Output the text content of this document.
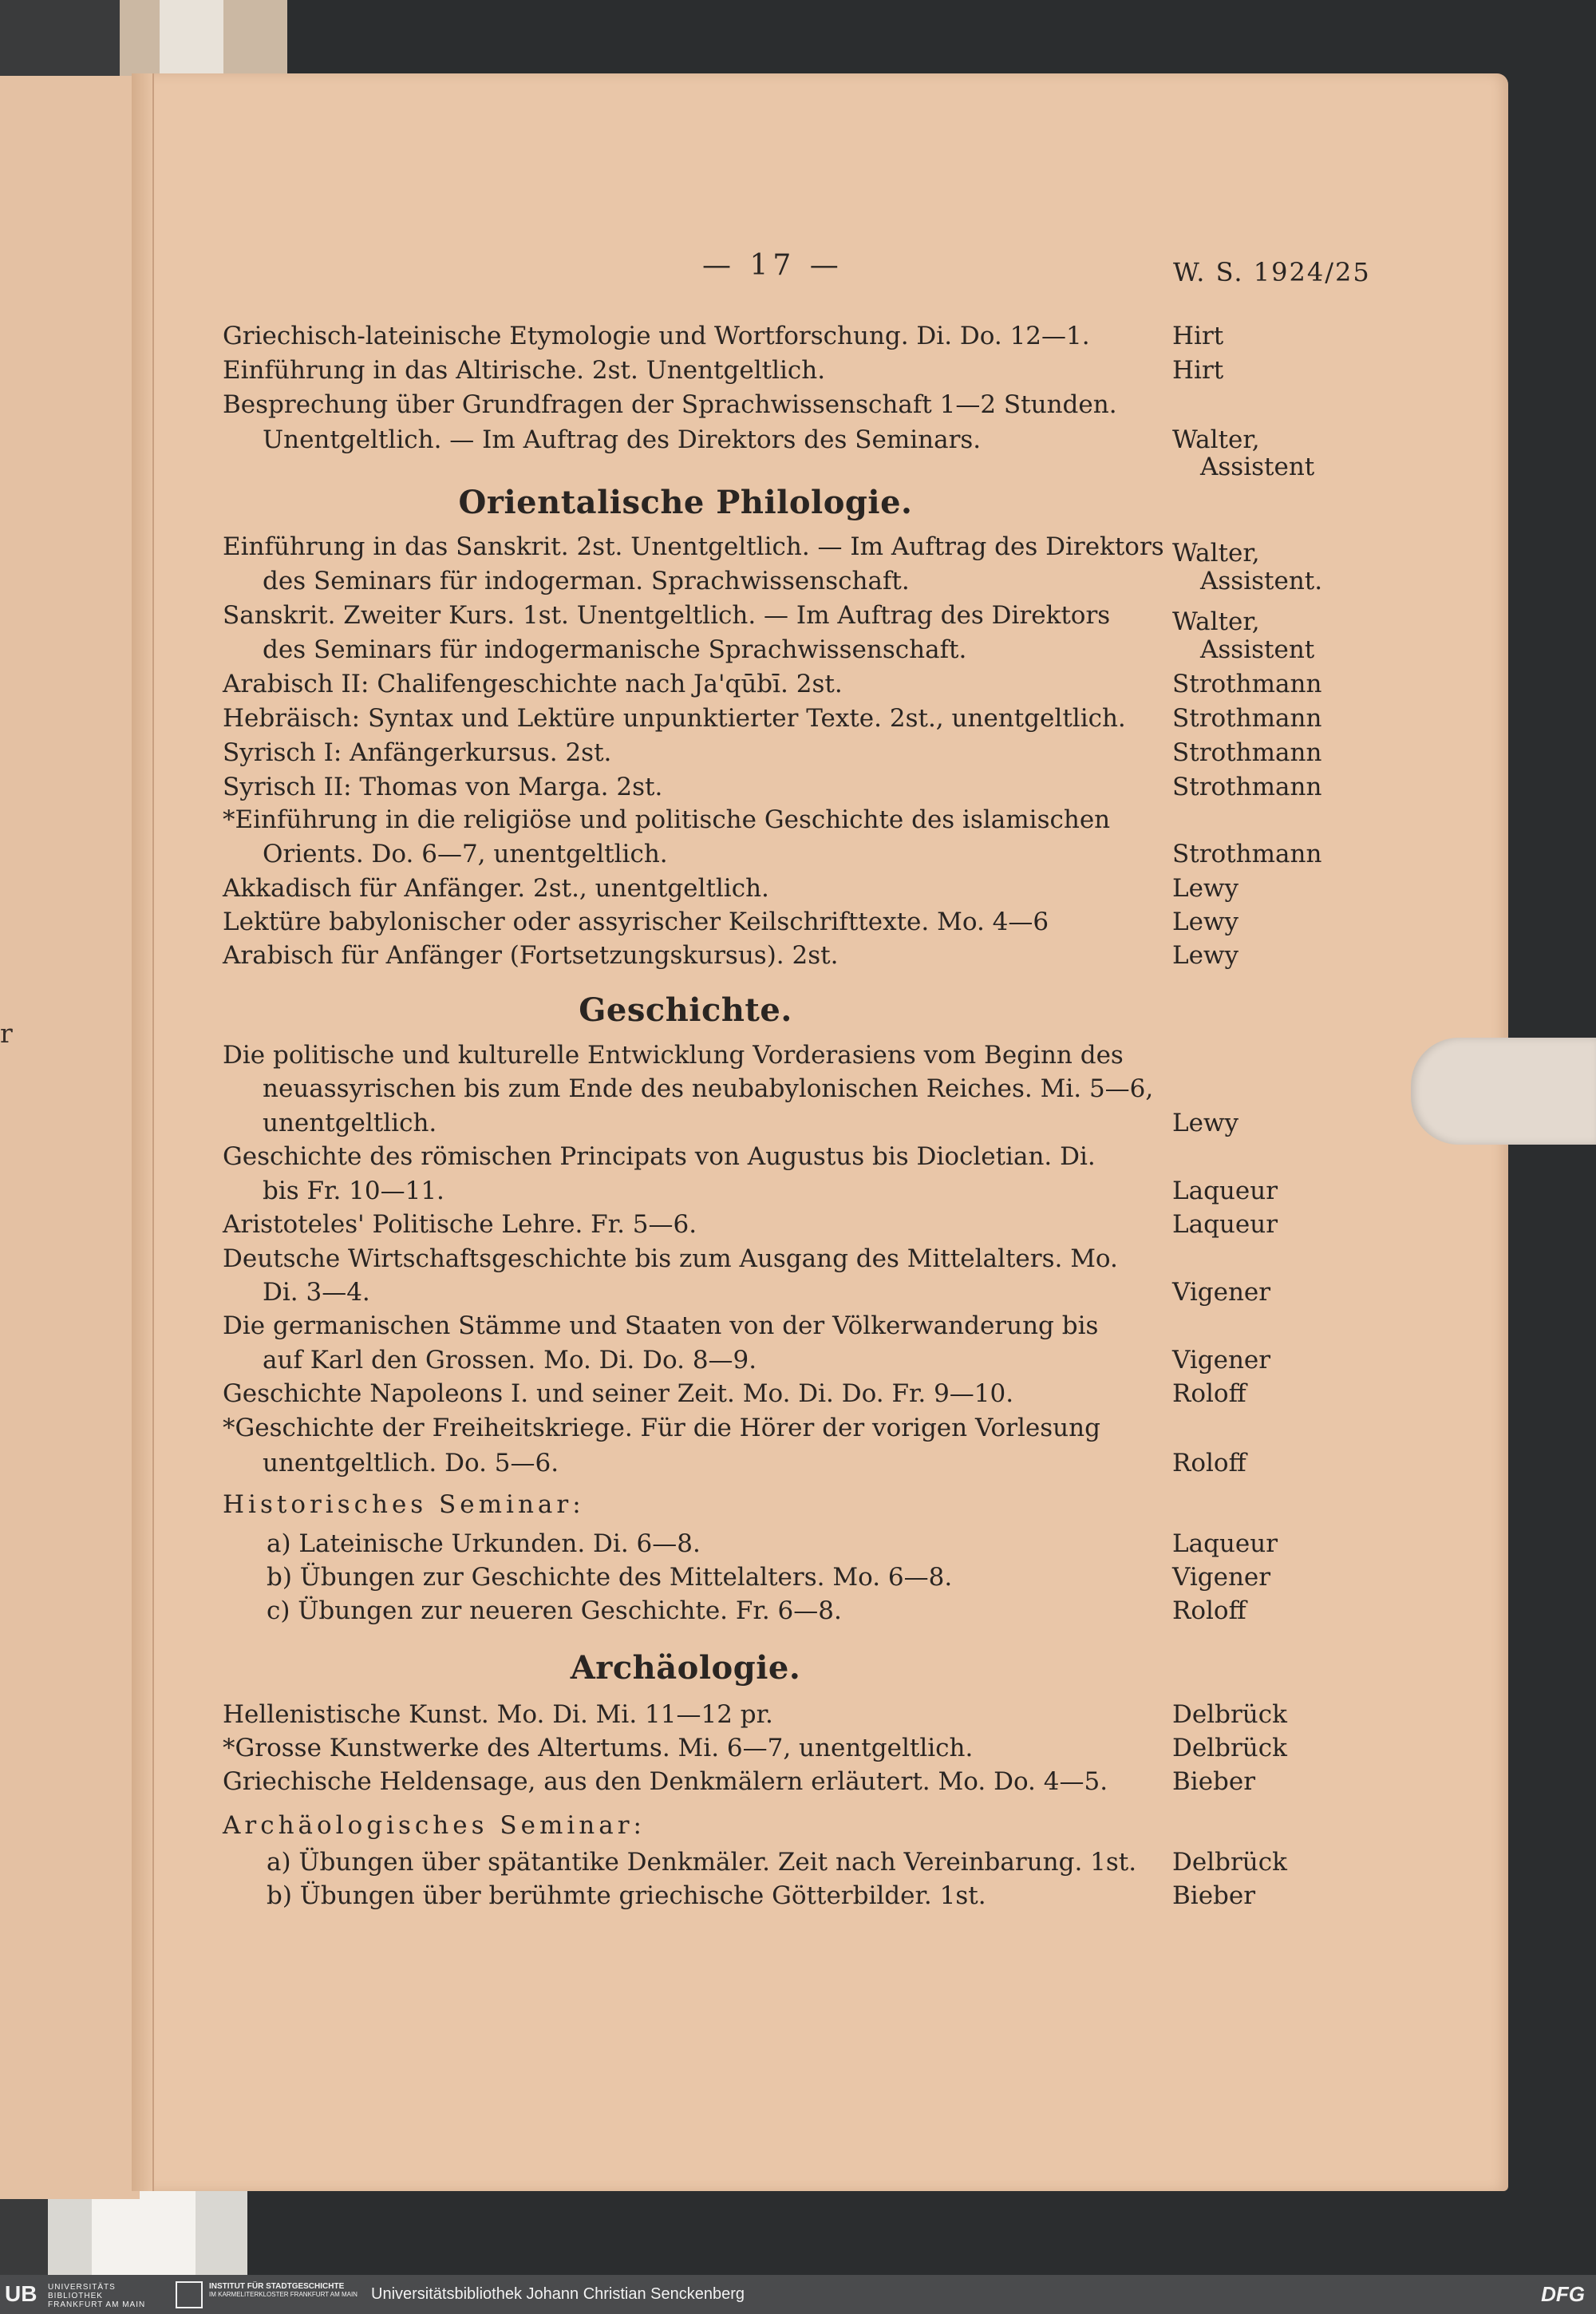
r
— 17 —	W. S. 1924/25
Griechisch-lateinische Etymologie und Wortforschung. Di. Do. 12—1.	Hirt
Einführung in das Altirische. 2st. Unentgeltlich.	Hirt
Besprechung über Grundfragen der Sprachwissenschaft 1—2 Stunden.
Unentgeltlich. — Im Auftrag des Direktors des Seminars.	Walter,
Assistent
Orientalische Philologie.
Einführung in das Sanskrit. 2st. Unentgeltlich. — Im Auftrag des Direktors Walter,
des Seminars für indogerman. Sprachwissenschaft.	Assistent.
Sanskrit. Zweiter Kurs. 1st. Unentgeltlich. — Im Auftrag des Direktors	Walter,
des Seminars für indogermanische Sprachwissenschaft.	Assistent
Arabisch II: Chalifengeschichte nach Ja'qūbī. 2st.	Strothmann
Hebräisch: Syntax und Lektüre unpunktierter Texte. 2st., unentgeltlich. Strothmann
Syrisch I: Anfängerkursus. 2st.	Strothmann
Syrisch II: Thomas von Marga. 2st.	Strothmann
*Einführung in die religiöse und politische Geschichte des islamischen
Orients. Do. 6—7, unentgeltlich.	Strothmann
Akkadisch für Anfänger. 2st., unentgeltlich.	Lewy
Lektüre babylonischer oder assyrischer Keilschrifttexte. Mo. 4—6	Lewy
Arabisch für Anfänger (Fortsetzungskursus). 2st.	Lewy
Geschichte.
Die politische und kulturelle Entwicklung Vorderasiens vom Beginn des
neuassyrischen bis zum Ende des neubabylonischen Reiches. Mi. 5—6,
unentgeltlich.	Lewy
Geschichte des römischen Principats von Augustus bis Diocletian. Di.
bis Fr. 10—11.	Laqueur
Aristoteles' Politische Lehre. Fr. 5—6.	Laqueur
Deutsche Wirtschaftsgeschichte bis zum Ausgang des Mittelalters. Mo.
Di. 3—4.	Vigener
Die germanischen Stämme und Staaten von der Völkerwanderung bis
auf Karl den Grossen. Mo. Di. Do. 8—9.	Vigener
Geschichte Napoleons I. und seiner Zeit. Mo. Di. Do. Fr. 9—10.	Roloff
*Geschichte der Freiheitskriege. Für die Hörer der vorigen Vorlesung
unentgeltlich. Do. 5—6.	Roloff
Historisches Seminar:
a) Lateinische Urkunden. Di. 6—8.	Laqueur
b) Übungen zur Geschichte des Mittelalters. Mo. 6—8.	Vigener
c) Übungen zur neueren Geschichte. Fr. 6—8.	Roloff
Archäologie.
Hellenistische Kunst. Mo. Di. Mi. 11—12 pr.	Delbrück
*Grosse Kunstwerke des Altertums. Mi. 6—7, unentgeltlich.	Delbrück
Griechische Heldensage, aus den Denkmälern erläutert. Mo. Do. 4—5.	Bieber
Archäologisches Seminar:
a) Übungen über spätantike Denkmäler. Zeit nach Vereinbarung. 1st. Delbrück
b) Übungen über berühmte griechische Götterbilder. 1st.	Bieber
UB UNIVERSITÄTS BIBLIOTHEK FRANKFURT AM MAIN
INSTITUT FÜR STADTGESCHICHTE
IM KARMELITERKLOSTER FRANKFURT AM MAIN Universitätsbibliothek Johann Christian Senckenberg	DFG
